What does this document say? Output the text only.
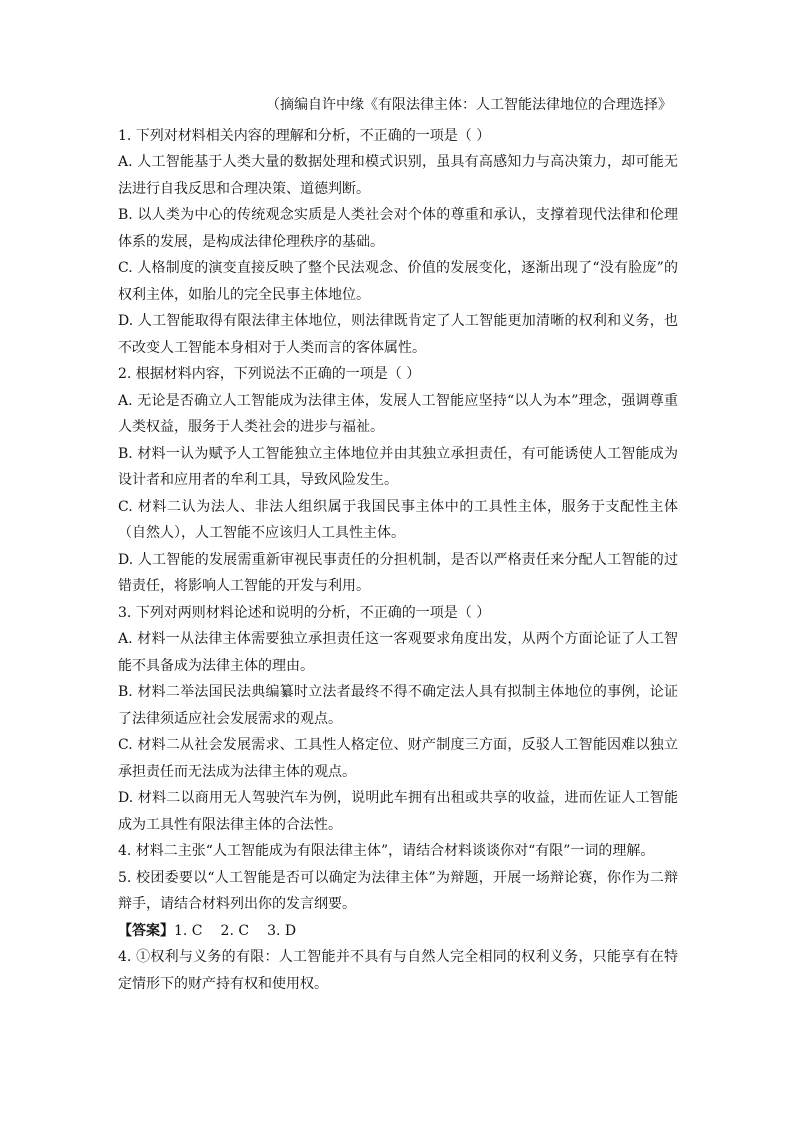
（摘编自许中缘《有限法律主体：人工智能法律地位的合理选择》

1. 下列对材料相关内容的理解和分析，不正确的一项是（ ）

A. 人工智能基于人类大量的数据处理和模式识别，虽具有高感知力与高决策力，却可能无法进行自我反思和合理决策、道德判断。

B. 以人类为中心的传统观念实质是人类社会对个体的尊重和承认，支撑着现代法律和伦理体系的发展，是构成法律伦理秩序的基础。

C. 人格制度的演变直接反映了整个民法观念、价值的发展变化，逐渐出现了“没有脸庞”的权利主体，如胎儿的完全民事主体地位。

D. 人工智能取得有限法律主体地位，则法律既肯定了人工智能更加清晰的权利和义务，也不改变人工智能本身相对于人类而言的客体属性。

2. 根据材料内容，下列说法不正确的一项是（ ）

A. 无论是否确立人工智能成为法律主体，发展人工智能应坚持“以人为本”理念，强调尊重人类权益，服务于人类社会的进步与福祉。

B. 材料一认为赋予人工智能独立主体地位并由其独立承担责任，有可能诱使人工智能成为设计者和应用者的牟利工具，导致风险发生。

C. 材料二认为法人、非法人组织属于我国民事主体中的工具性主体，服务于支配性主体（自然人），人工智能不应该归人工具性主体。

D. 人工智能的发展需重新审视民事责任的分担机制，是否以严格责任来分配人工智能的过错责任，将影响人工智能的开发与利用。

3. 下列对两则材料论述和说明的分析，不正确的一项是（ ）

A. 材料一从法律主体需要独立承担责任这一客观要求角度出发，从两个方面论证了人工智能不具备成为法律主体的理由。

B. 材料二举法国民法典编纂时立法者最终不得不确定法人具有拟制主体地位的事例，论证了法律须适应社会发展需求的观点。

C. 材料二从社会发展需求、工具性人格定位、财产制度三方面，反驳人工智能因难以独立承担责任而无法成为法律主体的观点。

D. 材料二以商用无人驾驶汽车为例，说明此车拥有出租或共享的收益，进而佐证人工智能成为工具性有限法律主体的合法性。

4. 材料二主张“人工智能成为有限法律主体”，请结合材料谈谈你对“有限”一词的理解。

5. 校团委要以“人工智能是否可以确定为法律主体”为辩题，开展一场辩论赛，你作为二辩辩手，请结合材料列出你的发言纲要。

【答案】1. C 2. C 3. D

4. ①权利与义务的有限：人工智能并不具有与自然人完全相同的权利义务，只能享有在特定情形下的财产持有权和使用权。
